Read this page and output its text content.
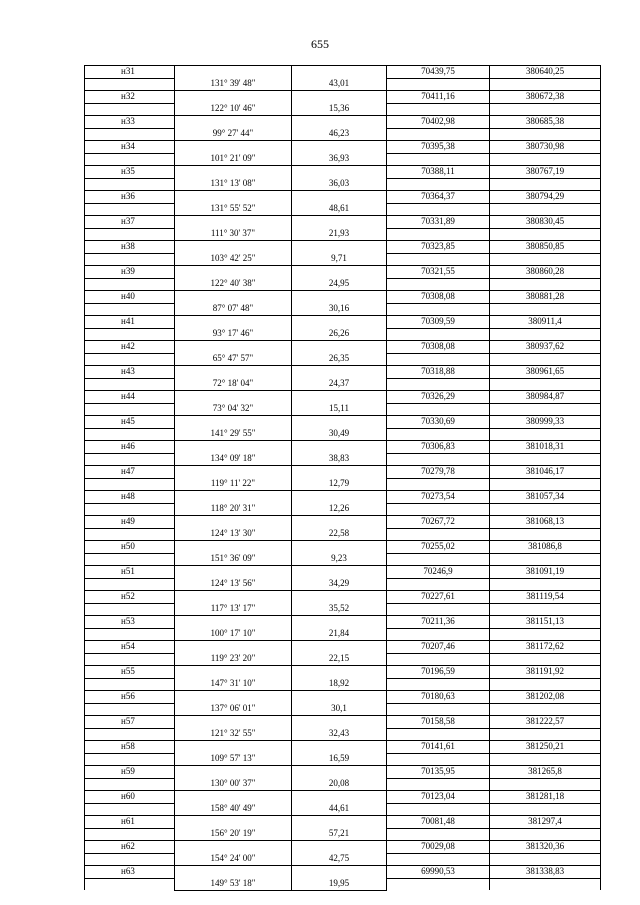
655
н31			70439,75	380640,25
	131° 39' 48"	43,01		
н32			70411,16	380672,38
	122° 10' 46"	15,36		
н33			70402,98	380685,38
	99° 27' 44"	46,23		
н34			70395,38	380730,98
	101° 21' 09"	36,93		
н35			70388,11	380767,19
	131° 13' 08"	36,03		
н36			70364,37	380794,29
	131° 55' 52"	48,61		
н37			70331,89	380830,45
	111° 30' 37"	21,93		
н38			70323,85	380850,85
	103° 42' 25"	9,71		
н39			70321,55	380860,28
	122° 40' 38"	24,95		
н40			70308,08	380881,28
	87° 07' 48"	30,16		
н41			70309,59	380911,4
	93° 17' 46"	26,26		
н42			70308,08	380937,62
	65° 47' 57"	26,35		
н43			70318,88	380961,65
	72° 18' 04"	24,37		
н44			70326,29	380984,87
	73° 04' 32"	15,11		
н45			70330,69	380999,33
	141° 29' 55"	30,49		
н46			70306,83	381018,31
	134° 09' 18"	38,83		
н47			70279,78	381046,17
	119° 11' 22"	12,79		
н48			70273,54	381057,34
	118° 20' 31"	12,26		
н49			70267,72	381068,13
	124° 13' 30"	22,58		
н50			70255,02	381086,8
	151° 36' 09"	9,23		
н51			70246,9	381091,19
	124° 13' 56"	34,29		
н52			70227,61	381119,54
	117° 13' 17"	35,52		
н53			70211,36	381151,13
	100° 17' 10"	21,84		
н54			70207,46	381172,62
	119° 23' 20"	22,15		
н55			70196,59	381191,92
	147° 31' 10"	18,92		
н56			70180,63	381202,08
	137° 06' 01"	30,1		
н57			70158,58	381222,57
	121° 32' 55"	32,43		
н58			70141,61	381250,21
	109° 57' 13"	16,59		
н59			70135,95	381265,8
	130° 00' 37"	20,08		
н60			70123,04	381281,18
	158° 40' 49"	44,61		
н61			70081,48	381297,4
	156° 20' 19"	57,21		
н62			70029,08	381320,36
	154° 24' 00"	42,75		
н63			69990,53	381338,83
	149° 53' 18"	19,95		
